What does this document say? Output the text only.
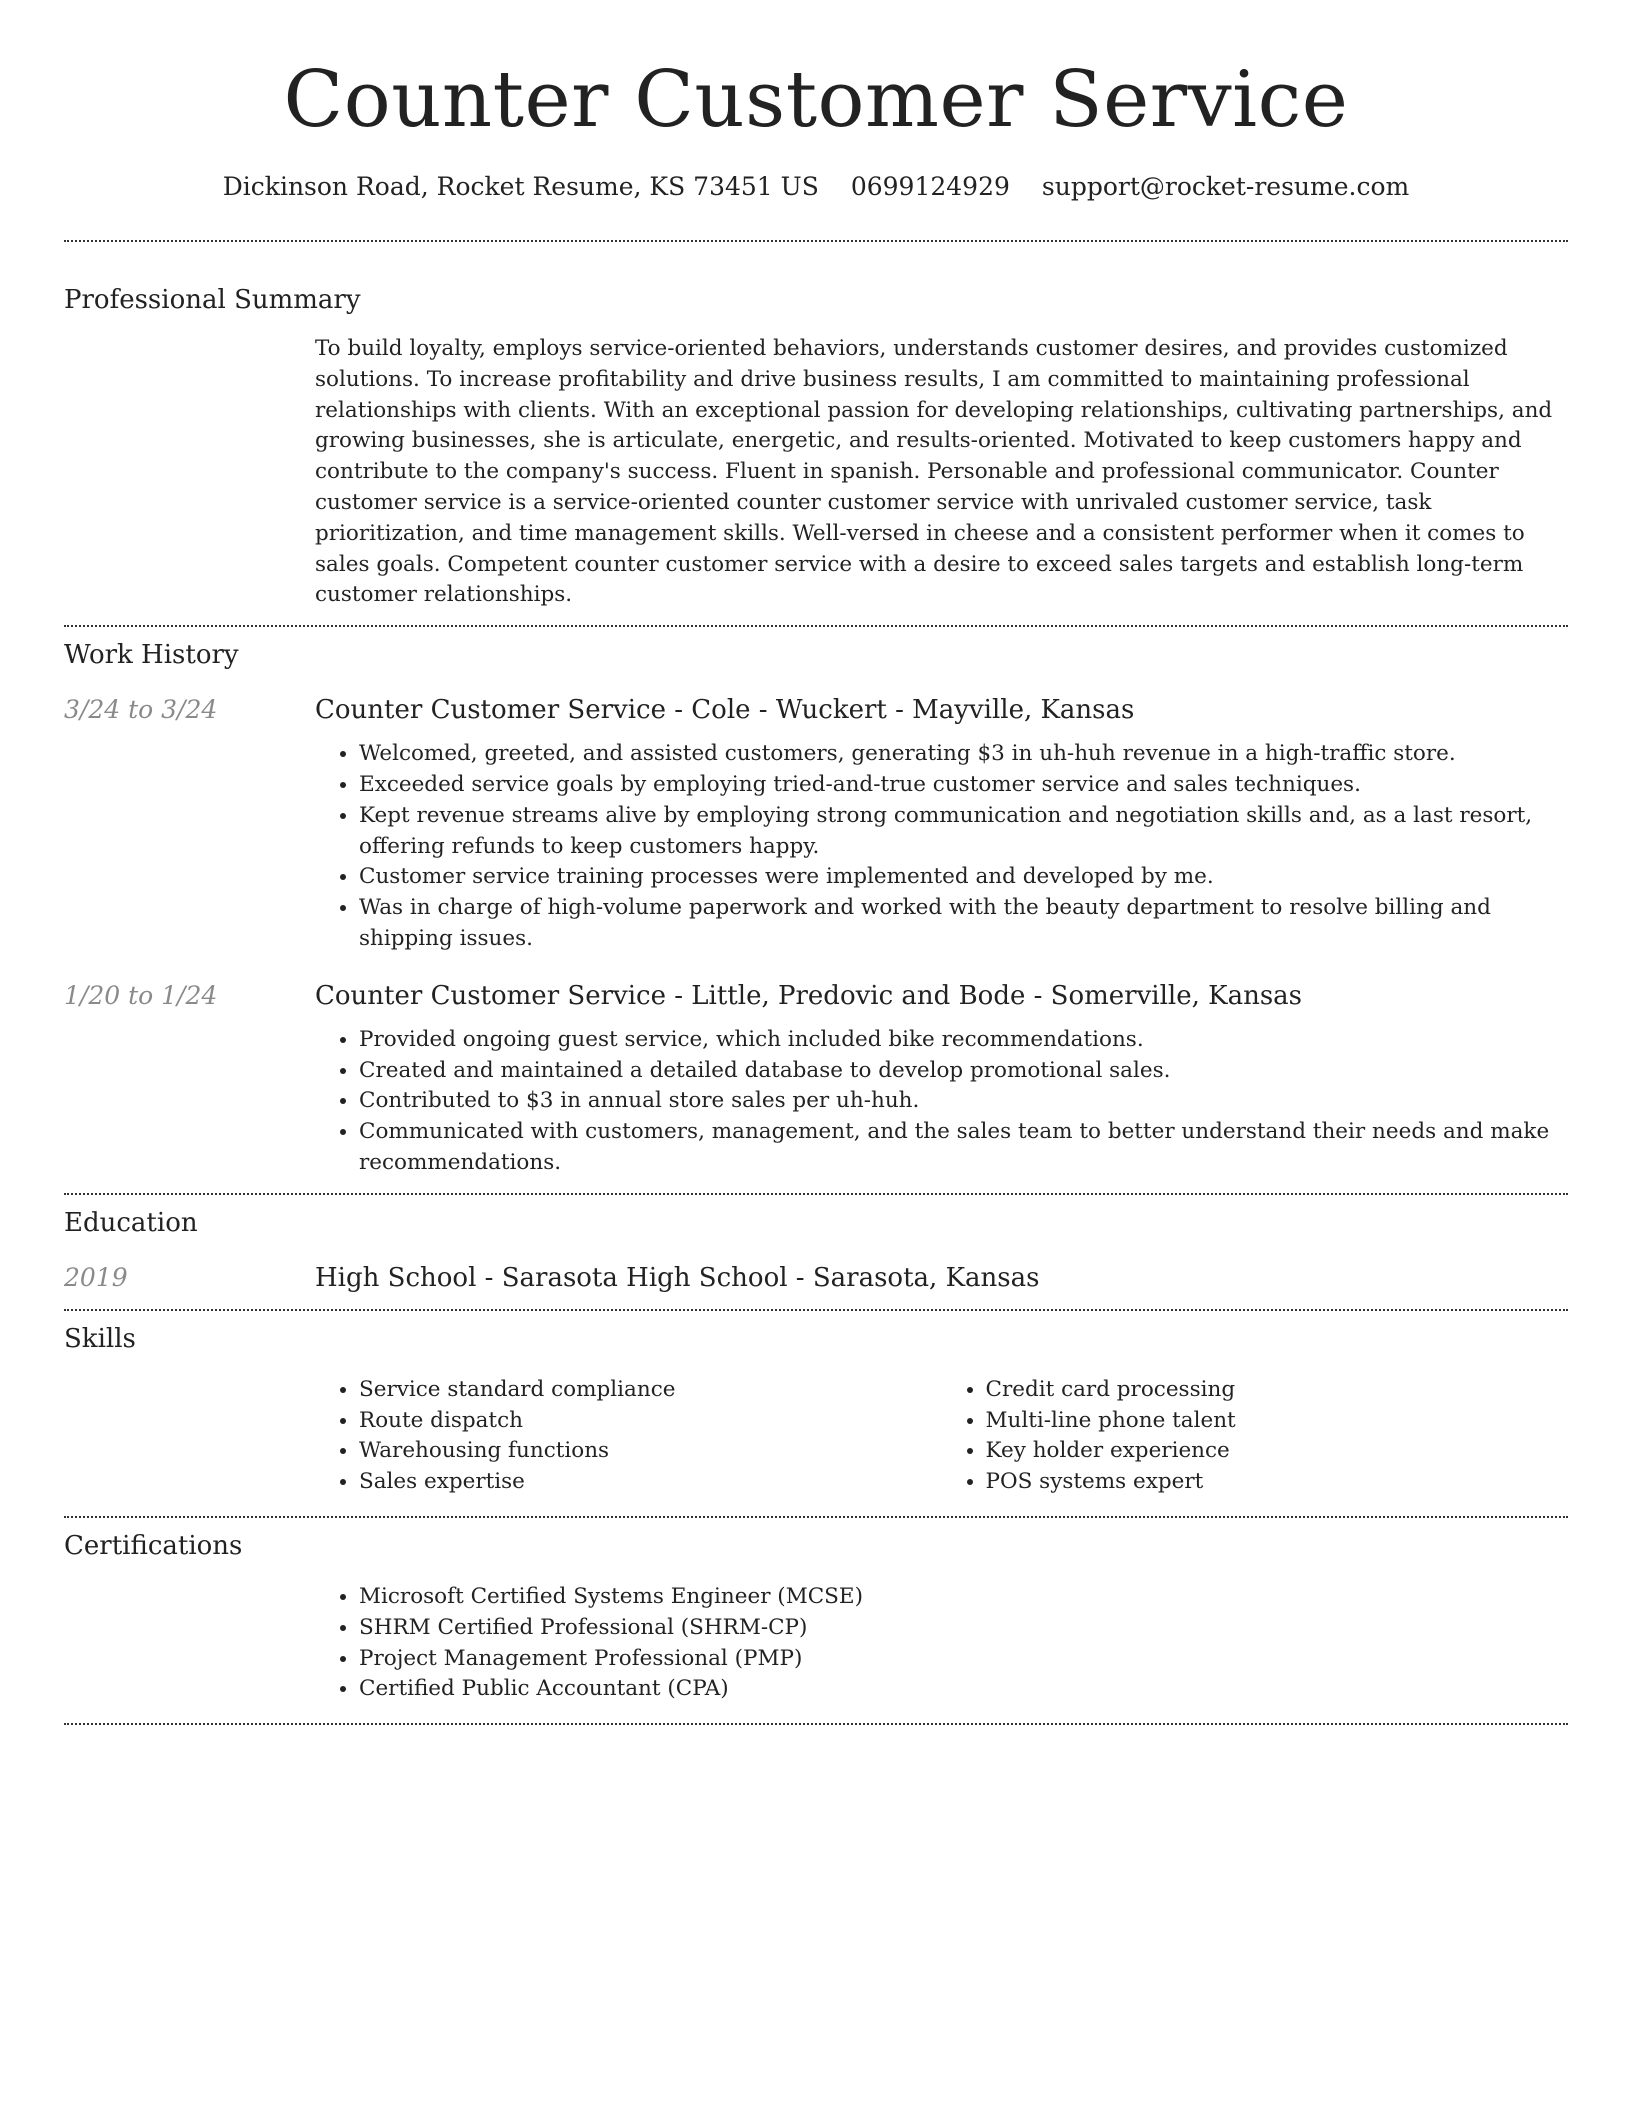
Counter Customer Service
Dickinson Road, Rocket Resume, KS 73451 US 0699124929 support@rocket-resume.com
Professional Summary

To build loyalty, employs service-oriented behaviors, understands customer desires, and provides customized solutions. To increase profitability and drive business results, I am committed to maintaining professional relationships with clients. With an exceptional passion for developing relationships, cultivating partnerships, and growing businesses, she is articulate, energetic, and results-oriented. Motivated to keep customers happy and contribute to the company's success. Fluent in spanish. Personable and professional communicator. Counter customer service is a service-oriented counter customer service with unrivaled customer service, task prioritization, and time management skills. Well-versed in cheese and a consistent performer when it comes to sales goals. Competent counter customer service with a desire to exceed sales targets and establish long-term customer relationships.

Work History
3/24 to 3/24	Counter Customer Service - Cole - Wuckert - Mayville, Kansas
• Welcomed, greeted, and assisted customers, generating $3 in uh-huh revenue in a high-traffic store.
• Exceeded service goals by employing tried-and-true customer service and sales techniques.
• Kept revenue streams alive by employing strong communication and negotiation skills and, as a last resort, offering refunds to keep customers happy.
• Customer service training processes were implemented and developed by me.
• Was in charge of high-volume paperwork and worked with the beauty department to resolve billing and shipping issues.
1/20 to 1/24	Counter Customer Service - Little, Predovic and Bode - Somerville, Kansas
• Provided ongoing guest service, which included bike recommendations.
• Created and maintained a detailed database to develop promotional sales.
• Contributed to $3 in annual store sales per uh-huh.
• Communicated with customers, management, and the sales team to better understand their needs and make recommendations.
Education
2019	High School - Sarasota High School - Sarasota, Kansas
Skills
• Service standard compliance
• Route dispatch
• Warehousing functions
• Sales expertise
• Credit card processing
• Multi-line phone talent
• Key holder experience
• POS systems expert
Certifications
• Microsoft Certified Systems Engineer (MCSE)
• SHRM Certified Professional (SHRM-CP)
• Project Management Professional (PMP)
• Certified Public Accountant (CPA)
